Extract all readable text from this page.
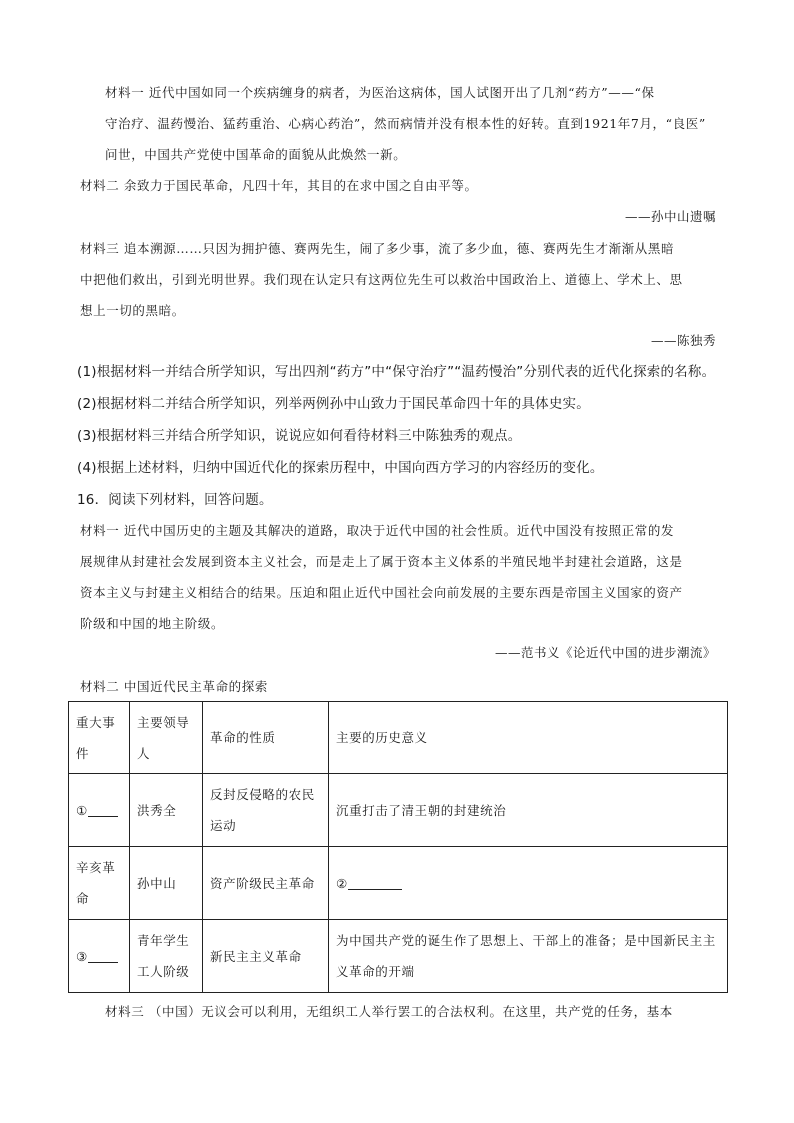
材料一 近代中国如同一个疾病缠身的病者，为医治这病体，国人试图开出了几剂“药方”——“保
守治疗、温药慢治、猛药重治、心病心药治”，然而病情并没有根本性的好转。直到1921年7月，“良医”
问世，中国共产党使中国革命的面貌从此焕然一新。
材料二 余致力于国民革命，凡四十年，其目的在求中国之自由平等。
——孙中山遗嘱
材料三 追本溯源……只因为拥护德、赛两先生，闹了多少事，流了多少血，德、赛两先生才渐渐从黑暗
中把他们救出，引到光明世界。我们现在认定只有这两位先生可以救治中国政治上、道德上、学术上、思
想上一切的黑暗。
——陈独秀
(1)根据材料一并结合所学知识，写出四剂“药方”中“保守治疗”“温药慢治”分别代表的近代化探索的名称。
(2)根据材料二并结合所学知识，列举两例孙中山致力于国民革命四十年的具体史实。
(3)根据材料三并结合所学知识，说说应如何看待材料三中陈独秀的观点。
(4)根据上述材料，归纳中国近代化的探索历程中，中国向西方学习的内容经历的变化。
16．阅读下列材料，回答问题。
材料一 近代中国历史的主题及其解决的道路，取决于近代中国的社会性质。近代中国没有按照正常的发
展规律从封建社会发展到资本主义社会，而是走上了属于资本主义体系的半殖民地半封建社会道路，这是
资本主义与封建主义相结合的结果。压迫和阻止近代中国社会向前发展的主要东西是帝国主义国家的资产
阶级和中国的地主阶级。
——范书义《论近代中国的进步潮流》
材料二 中国近代民主革命的探索
重大事件	主要领导人	革命的性质	主要的历史意义
①	洪秀全	反封反侵略的农民运动	沉重打击了清王朝的封建统治
辛亥革命	孙中山	资产阶级民主革命	②
③	青年学生工人阶级	新民主主义革命	为中国共产党的诞生作了思想上、干部上的准备；是中国新民主主义革命的开端
材料三 （中国）无议会可以利用，无组织工人举行罢工的合法权利。在这里，共产党的任务，基本
